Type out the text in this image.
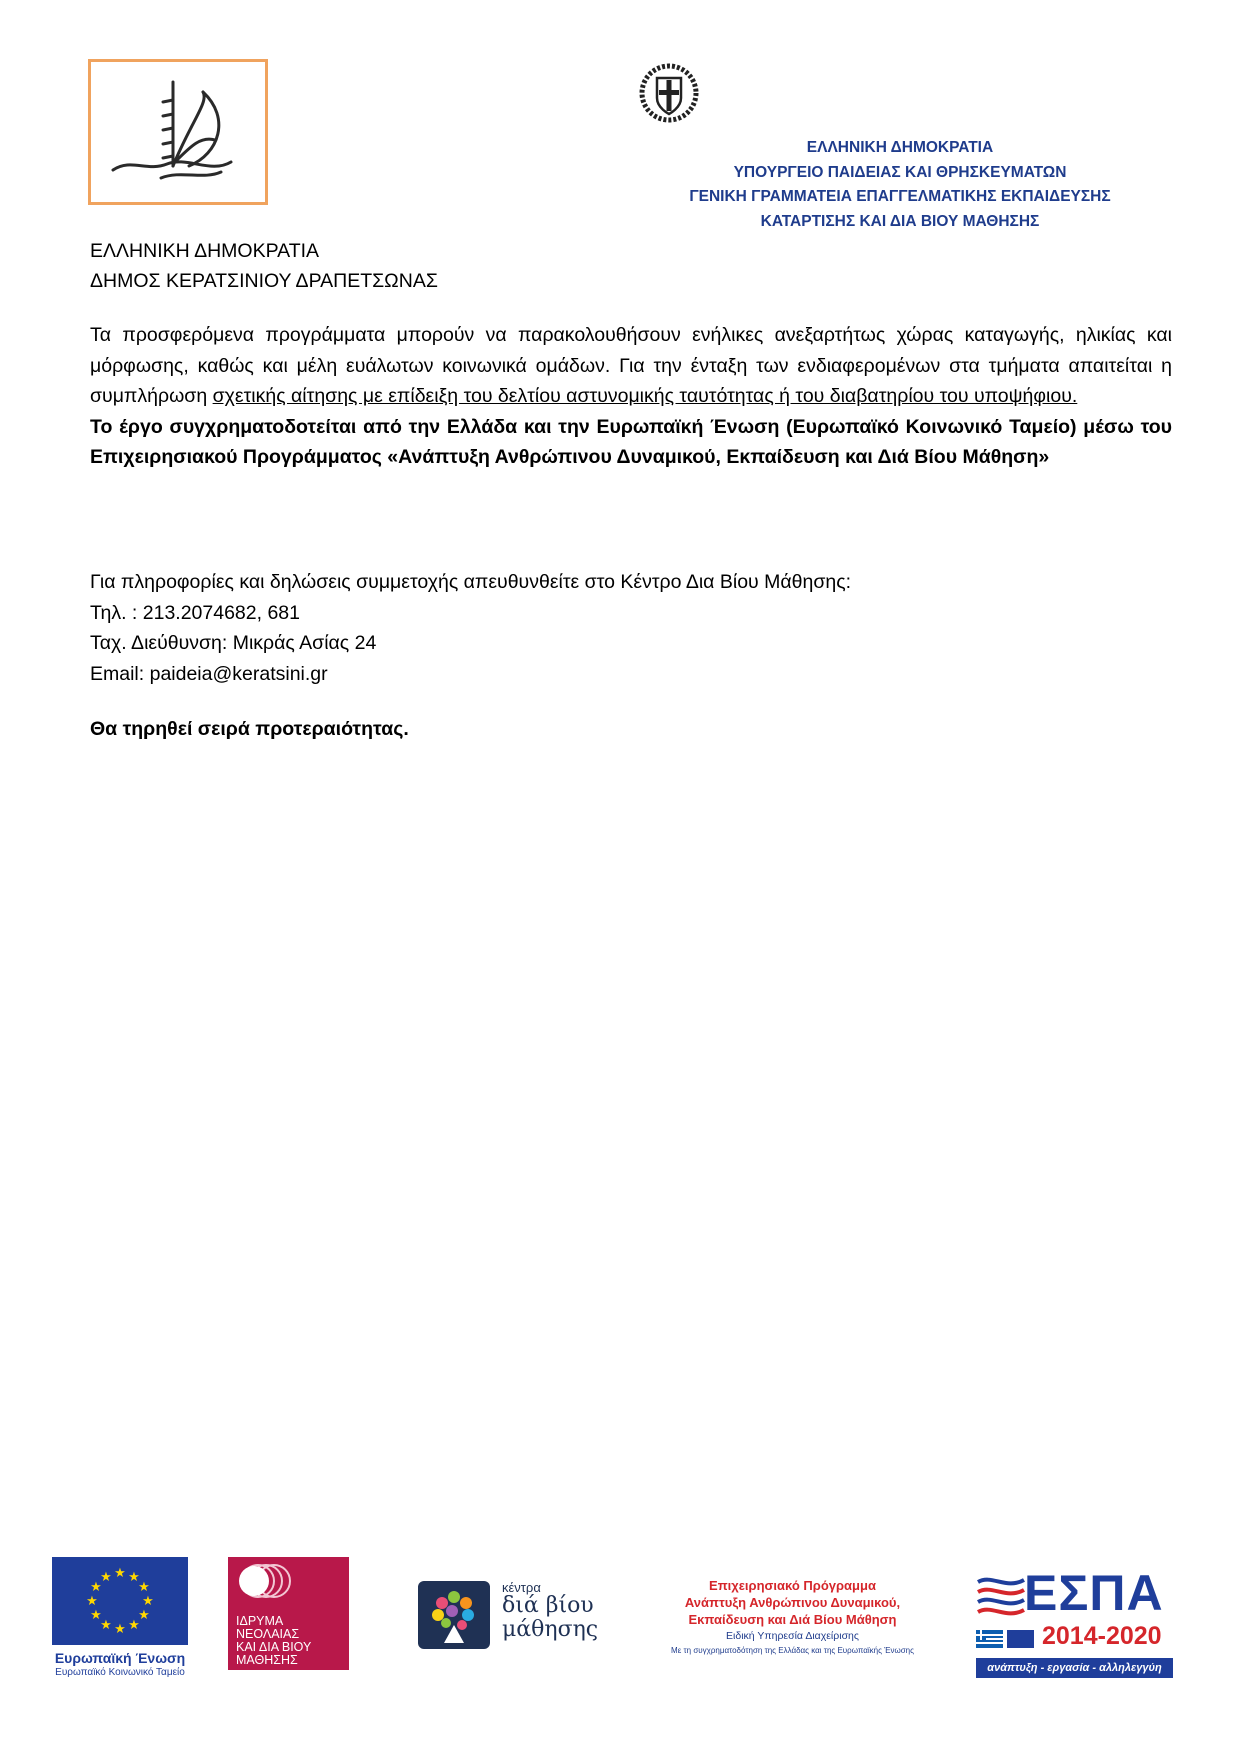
ΕΛΛΗΝΙΚΗ ΔΗΜΟΚΡΑΤΙΑ
ΥΠΟΥΡΓΕΙΟ ΠΑΙΔΕΙΑΣ ΚΑΙ ΘΡΗΣΚΕΥΜΑΤΩΝ
ΓΕΝΙΚΗ ΓΡΑΜΜΑΤΕΙΑ ΕΠΑΓΓΕΛΜΑΤΙΚΗΣ ΕΚΠΑΙΔΕΥΣΗΣ
ΚΑΤΑΡΤΙΣΗΣ ΚΑΙ ΔΙΑ ΒΙΟΥ ΜΑΘΗΣΗΣ
ΕΛΛΗΝΙΚΗ ΔΗΜΟΚΡΑΤΙΑ
ΔΗΜΟΣ ΚΕΡΑΤΣΙΝΙΟΥ ΔΡΑΠΕΤΣΩΝΑΣ

Τα προσφερόμενα προγράμματα μπορούν να παρακολουθήσουν ενήλικες ανεξαρτήτως χώρας καταγωγής, ηλικίας και μόρφωσης, καθώς και μέλη ευάλωτων κοινωνικά ομάδων. Για την ένταξη των ενδιαφερομένων στα τμήματα απαιτείται η συμπλήρωση σχετικής αίτησης με επίδειξη του δελτίου αστυνομικής ταυτότητας ή του διαβατηρίου του υποψήφιου.

Το έργο συγχρηματοδοτείται από την Ελλάδα και την Ευρωπαϊκή Ένωση (Ευρωπαϊκό Κοινωνικό Ταμείο) μέσω του Επιχειρησιακού Προγράμματος «Ανάπτυξη Ανθρώπινου Δυναμικού, Εκπαίδευση και Διά Βίου Μάθηση»

Για πληροφορίες και δηλώσεις συμμετοχής απευθυνθείτε στο Κέντρο Δια Βίου Μάθησης:
Τηλ. : 213.2074682, 681
Ταχ. Διεύθυνση: Μικράς Ασίας 24
Email: paideia@keratsini.gr
Θα τηρηθεί σειρά προτεραιότητας.
★ ★
★
★
★
★
★
★
★
★
★
★
Ευρωπαϊκή Ένωση
Ευρωπαϊκό Κοινωνικό Ταμείο
ΙΔΡΥΜΑ
ΝΕΟΛΑΙΑΣ
ΚΑΙ ΔΙΑ ΒΙΟΥ
ΜΑΘΗΣΗΣ
κέντρα
διά βίου
μάθησης
Επιχειρησιακό Πρόγραμμα
Ανάπτυξη Ανθρώπινου Δυναμικού,
Εκπαίδευση και Διά Βίου Μάθηση
Ειδική Υπηρεσία Διαχείρισης
Με τη συγχρηματοδότηση της Ελλάδας και της Ευρωπαϊκής Ένωσης
ΕΣΠΑ
2014-2020
ανάπτυξη - εργασία - αλληλεγγύη
